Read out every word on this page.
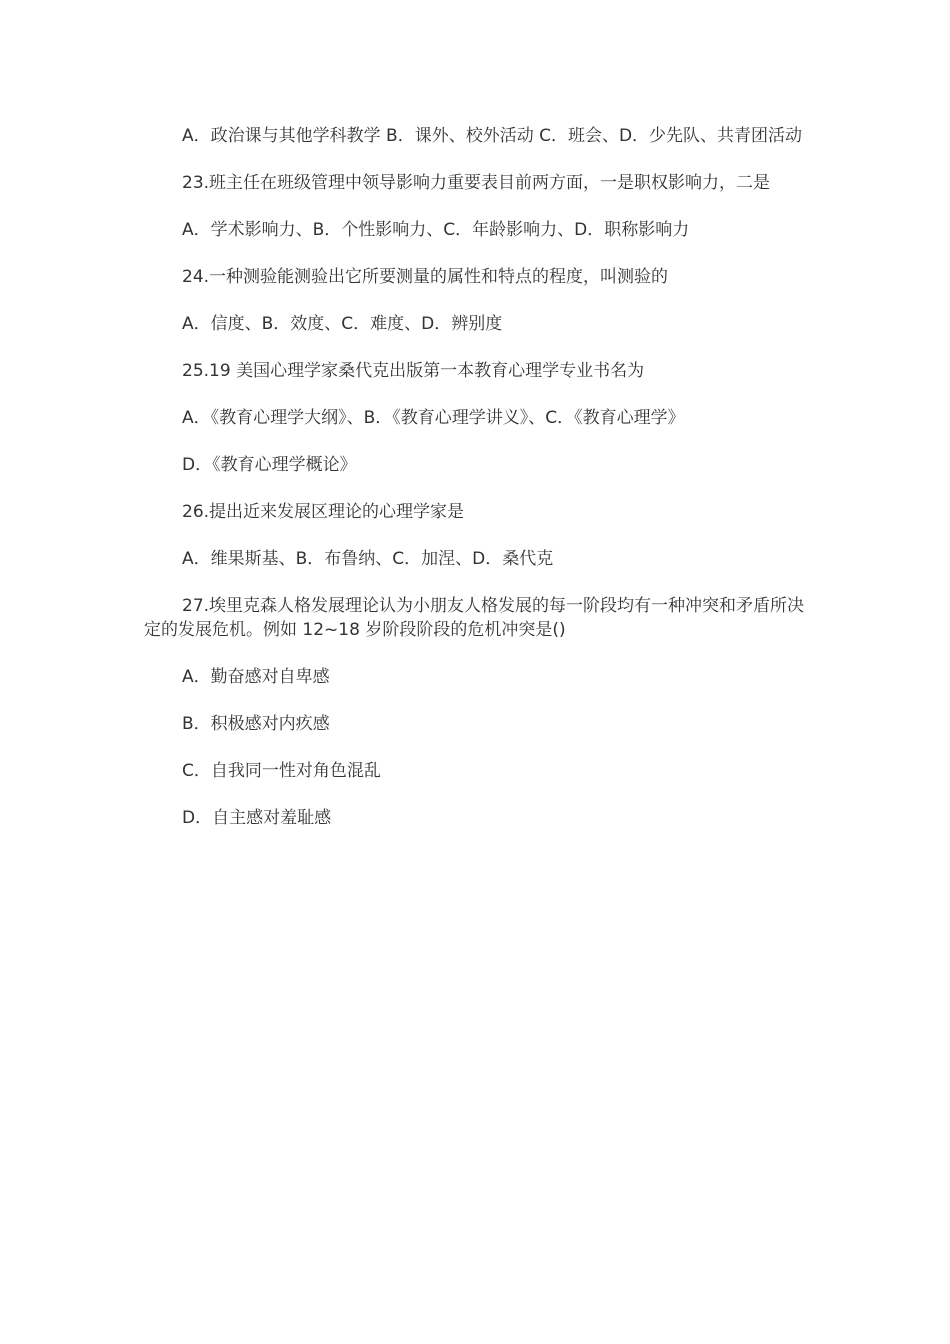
A．政治课与其他学科教学 B．课外、校外活动 C．班会、D．少先队、共青团活动

23.班主任在班级管理中领导影响力重要表目前两方面，一是职权影响力，二是

A．学术影响力、B．个性影响力、C．年龄影响力、D．职称影响力

24.一种测验能测验出它所要测量的属性和特点的程度，叫测验的

A．信度、B．效度、C．难度、D．辨别度

25.19 美国心理学家桑代克出版第一本教育心理学专业书名为

A．《教育心理学大纲》、B．《教育心理学讲义》、C．《教育心理学》

D．《教育心理学概论》

26.提出近来发展区理论的心理学家是

A．维果斯基、B．布鲁纳、C．加涅、D．桑代克

27.埃里克森人格发展理论认为小朋友人格发展的每一阶段均有一种冲突和矛盾所决定的发展危机。例如 12~18 岁阶段阶段的危机冲突是()

A．勤奋感对自卑感

B．积极感对内疚感

C．自我同一性对角色混乱

D．自主感对羞耻感
